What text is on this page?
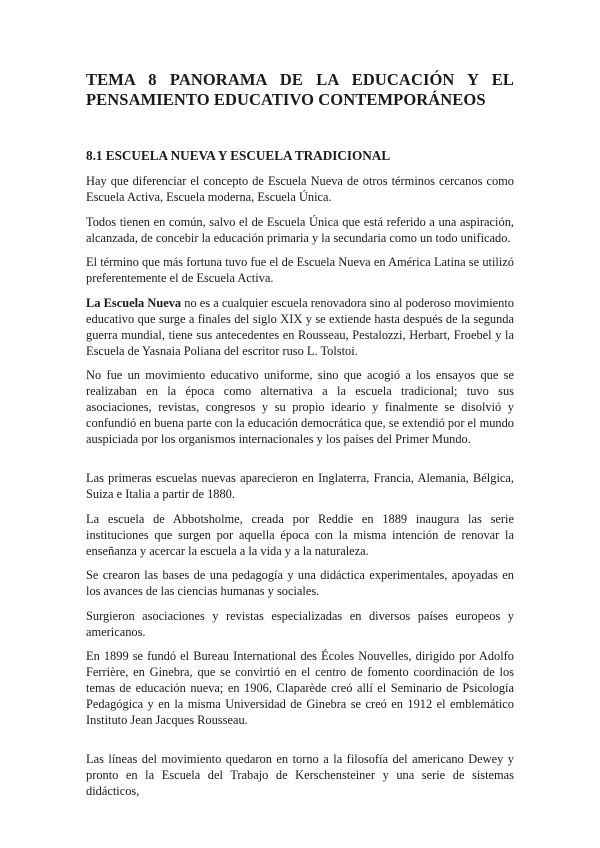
TEMA 8 PANORAMA DE LA EDUCACIÓN Y EL PENSAMIENTO EDUCATIVO CONTEMPORÁNEOS
8.1 ESCUELA NUEVA Y ESCUELA TRADICIONAL

Hay que diferenciar el concepto de Escuela Nueva de otros términos cercanos como Escuela Activa, Escuela moderna, Escuela Única.

Todos tienen en común, salvo el de Escuela Única que está referido a una aspiración, alcanzada, de concebir la educación primaria y la secundaria como un todo unificado.

El término que más fortuna tuvo fue el de Escuela Nueva en América Latina se utilizó preferentemente el de Escuela Activa.

La Escuela Nueva no es a cualquier escuela renovadora sino al poderoso movimiento educativo que surge a finales del siglo XIX y se extiende hasta después de la segunda guerra mundial, tiene sus antecedentes en Rousseau, Pestalozzi, Herbart, Froebel y la Escuela de Yasnaia Poliana del escritor ruso L. Tolstoi.

No fue un movimiento educativo uniforme, sino que acogió a los ensayos que se realizaban en la época como alternativa a la escuela tradicional; tuvo sus asociaciones, revistas, congresos y su propio ideario y finalmente se disolvió y confundió en buena parte con la educación democrática que, se extendió por el mundo auspiciada por los organismos internacionales y los países del Primer Mundo.

Las primeras escuelas nuevas aparecieron en Inglaterra, Francia, Alemania, Bélgica, Suiza e Italia a partir de 1880.

La escuela de Abbotsholme, creada por Reddie en 1889 inaugura las serie instituciones que surgen por aquella época con la misma intención de renovar la enseñanza y acercar la escuela a la vida y a la naturaleza.

Se crearon las bases de una pedagogía y una didáctica experimentales, apoyadas en los avances de las ciencias humanas y sociales.

Surgieron asociaciones y revistas especializadas en diversos países europeos y americanos.

En 1899 se fundó el Bureau International des Écoles Nouvelles, dirigido por Adolfo Ferrière, en Ginebra, que se convirtió en el centro de fomento coordinación de los temas de educación nueva; en 1906, Claparède creó allí el Seminario de Psicología Pedagógica y en la misma Universidad de Ginebra se creó en 1912 el emblemático Instituto Jean Jacques Rousseau.

Las líneas del movimiento quedaron en torno a la filosofía del americano Dewey y pronto en la Escuela del Trabajo de Kerschensteiner y una serie de sistemas didácticos,
